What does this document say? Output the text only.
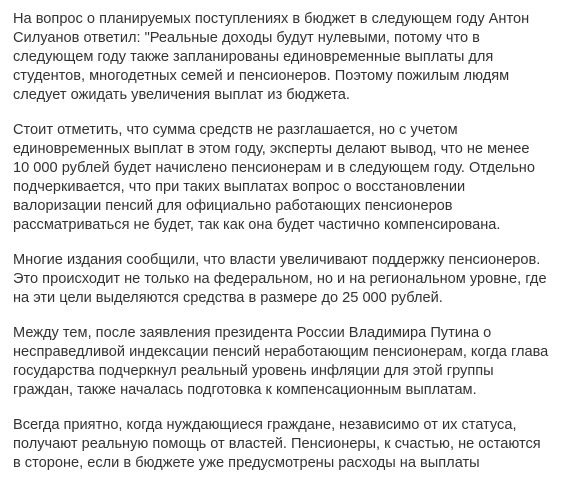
На вопрос о планируемых поступлениях в бюджет в следующем году Антон
Силуанов ответил: "Реальные доходы будут нулевыми, потому что в
следующем году также запланированы единовременные выплаты для
студентов, многодетных семей и пенсионеров. Поэтому пожилым людям
следует ожидать увеличения выплат из бюджета.

Стоит отметить, что сумма средств не разглашается, но с учетом
единовременных выплат в этом году, эксперты делают вывод, что не менее
10 000 рублей будет начислено пенсионерам и в следующем году. Отдельно
подчеркивается, что при таких выплатах вопрос о восстановлении
валоризации пенсий для официально работающих пенсионеров
рассматриваться не будет, так как она будет частично компенсирована.

Многие издания сообщили, что власти увеличивают поддержку пенсионеров.
Это происходит не только на федеральном, но и на региональном уровне, где
на эти цели выделяются средства в размере до 25 000 рублей.

Между тем, после заявления президента России Владимира Путина о
несправедливой индексации пенсий неработающим пенсионерам, когда глава
государства подчеркнул реальный уровень инфляции для этой группы
граждан, также началась подготовка к компенсационным выплатам.

Всегда приятно, когда нуждающиеся граждане, независимо от их статуса,
получают реальную помощь от властей. Пенсионеры, к счастью, не остаются
в стороне, если в бюджете уже предусмотрены расходы на выплаты
